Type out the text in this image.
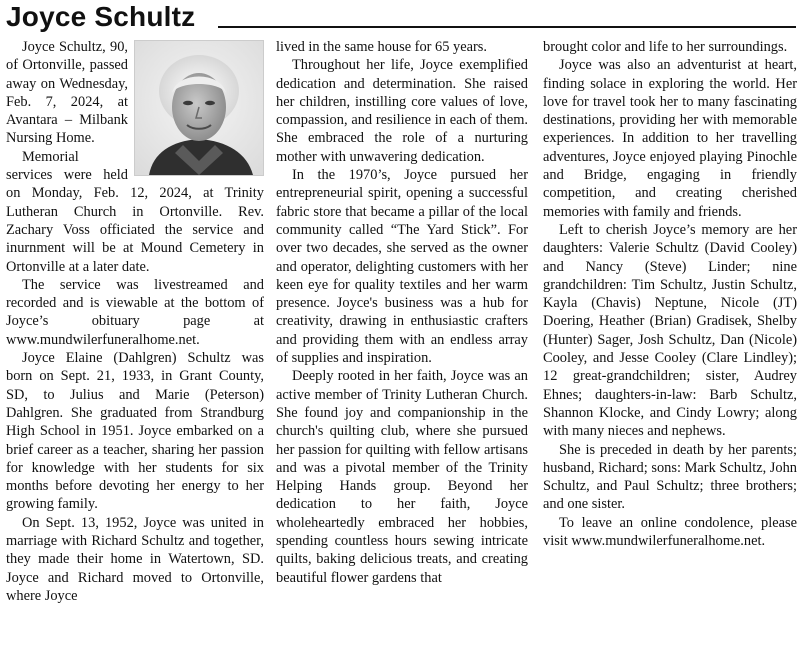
Joyce Schultz

Joyce Schultz, 90, of Ortonville, passed away on Wednesday, Feb. 7, 2024, at Avantara – Milbank Nursing Home.

Memorial services were held on Monday, Feb. 12, 2024, at Trinity Lutheran Church in Ortonville. Rev. Zachary Voss officiated the service and inurnment will be at Mound Cemetery in Ortonville at a later date.

The service was livestreamed and recorded and is viewable at the bottom of Joyce’s obituary page at www.mundwilerfuneralhome.net.

Joyce Elaine (Dahlgren) Schultz was born on Sept. 21, 1933, in Grant County, SD, to Julius and Marie (Peterson) Dahlgren. She graduated from Strandburg High School in 1951. Joyce embarked on a brief career as a teacher, sharing her passion for knowledge with her students for six months before devoting her energy to her growing family.

On Sept. 13, 1952, Joyce was united in marriage with Richard Schultz and together, they made their home in Watertown, SD. Joyce and Richard moved to Ortonville, where Joyce

lived in the same house for 65 years.

Throughout her life, Joyce exemplified dedication and determination. She raised her children, instilling core values of love, compassion, and resilience in each of them. She embraced the role of a nurturing mother with unwavering dedication.

In the 1970’s, Joyce pursued her entrepreneurial spirit, opening a successful fabric store that became a pillar of the local community called “The Yard Stick”. For over two decades, she served as the owner and operator, delighting customers with her keen eye for quality textiles and her warm presence. Joyce's business was a hub for creativity, drawing in enthusiastic crafters and providing them with an endless array of supplies and inspiration.

Deeply rooted in her faith, Joyce was an active member of Trinity Lutheran Church. She found joy and companionship in the church's quilting club, where she pursued her passion for quilting with fellow artisans and was a pivotal member of the Trinity Helping Hands group. Beyond her dedication to her faith, Joyce wholeheartedly embraced her hobbies, spending countless hours sewing intricate quilts, baking delicious treats, and creating beautiful flower gardens that

brought color and life to her surroundings.

Joyce was also an adventurist at heart, finding solace in exploring the world. Her love for travel took her to many fascinating destinations, providing her with memorable experiences. In addition to her travelling adventures, Joyce enjoyed playing Pinochle and Bridge, engaging in friendly competition, and creating cherished memories with family and friends.

Left to cherish Joyce’s memory are her daughters: Valerie Schultz (David Cooley) and Nancy (Steve) Linder; nine grandchildren: Tim Schultz, Justin Schultz, Kayla (Chavis) Neptune, Nicole (JT) Doering, Heather (Brian) Gradisek, Shelby (Hunter) Sager, Josh Schultz, Dan (Nicole) Cooley, and Jesse Cooley (Clare Lindley); 12 great-grandchildren; sister, Audrey Ehnes; daughters-in-law: Barb Schultz, Shannon Klocke, and Cindy Lowry; along with many nieces and nephews.

She is preceded in death by her parents; husband, Richard; sons: Mark Schultz, John Schultz, and Paul Schultz; three brothers; and one sister.

To leave an online condolence, please visit www.mundwilerfuneralhome.net.
